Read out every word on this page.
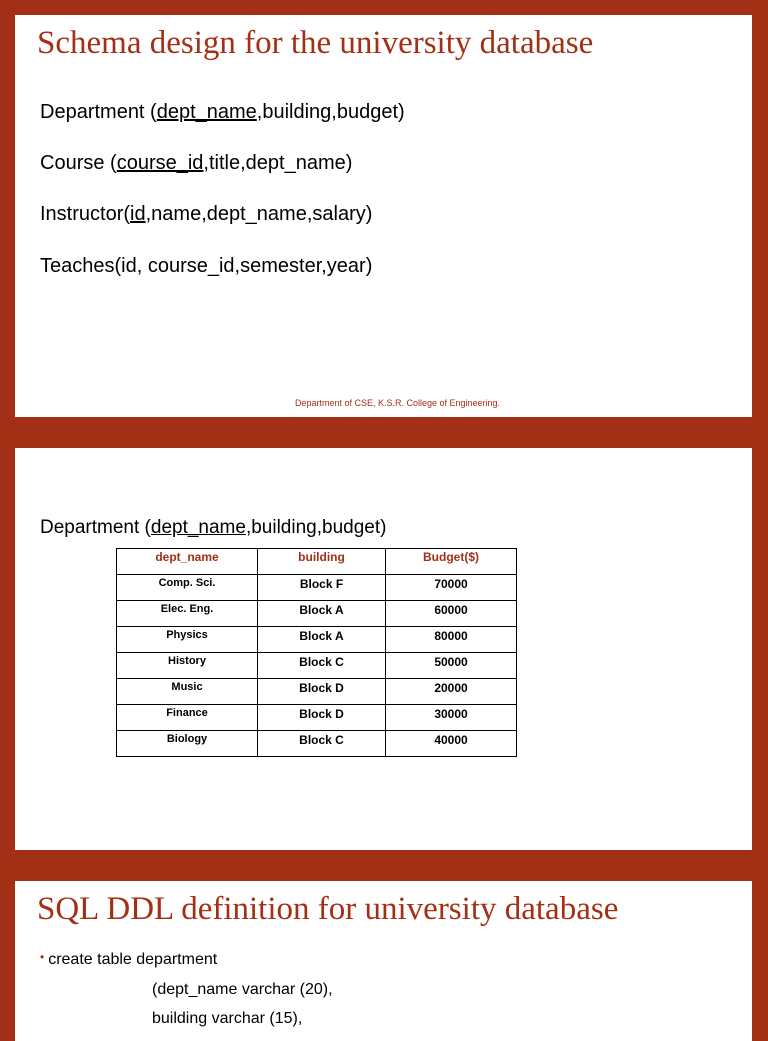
Schema design for the university database
Department (dept_name,building,budget)
Course (course_id,title,dept_name)
Instructor(id,name,dept_name,salary)
Teaches(id, course_id,semester,year)
Department of CSE, K.S.R. College of Engineering.
Department (dept_name,building,budget)
dept_name	building	Budget($)
Comp. Sci.	Block F	70000
Elec. Eng.	Block A	60000
Physics	Block A	80000
History	Block C	50000
Music	Block D	20000
Finance	Block D	30000
Biology	Block C	40000
SQL DDL definition for university database
• create table department
(dept_name varchar (20),
building varchar (15),
